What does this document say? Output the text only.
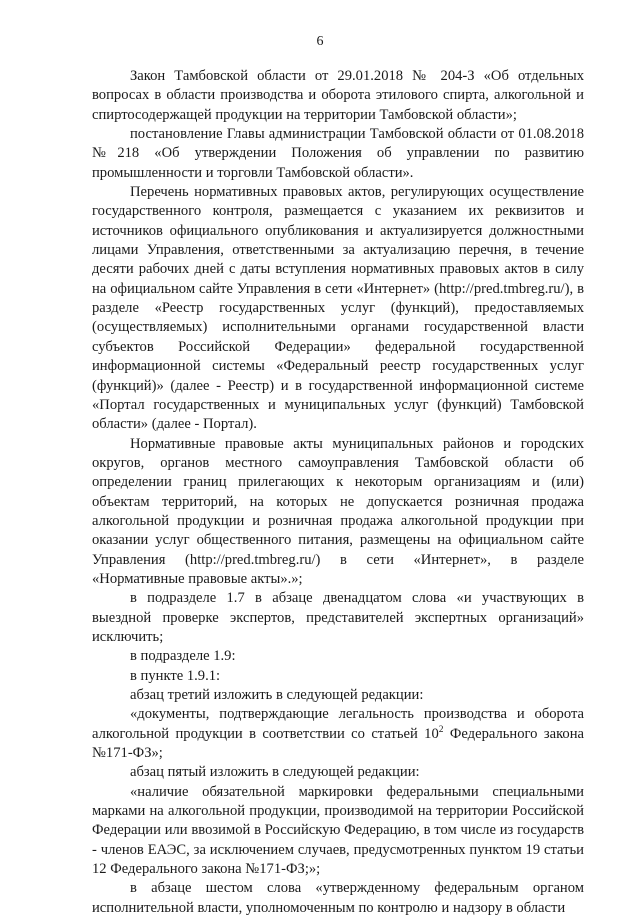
6

Закон Тамбовской области от 29.01.2018 № 204-З «Об отдельных вопросах в области производства и оборота этилового спирта, алкогольной и спиртосодержащей продукции на территории Тамбовской области»;

постановление Главы администрации Тамбовской области от 01.08.2018 №218 «Об утверждении Положения об управлении по развитию промышленности и торговли Тамбовской области».

Перечень нормативных правовых актов, регулирующих осуществление государственного контроля, размещается с указанием их реквизитов и источников официального опубликования и актуализируется должностными лицами Управления, ответственными за актуализацию перечня, в течение десяти рабочих дней с даты вступления нормативных правовых актов в силу на официальном сайте Управления в сети «Интернет» (http://pred.tmbreg.ru/), в разделе «Реестр государственных услуг (функций), предоставляемых (осуществляемых) исполнительными органами государственной власти субъектов Российской Федерации» федеральной государственной информационной системы «Федеральный реестр государственных услуг (функций)» (далее - Реестр) и в государственной информационной системе «Портал государственных и муниципальных услуг (функций) Тамбовской области» (далее - Портал).

Нормативные правовые акты муниципальных районов и городских округов, органов местного самоуправления Тамбовской области об определении границ прилегающих к некоторым организациям и (или) объектам территорий, на которых не допускается розничная продажа алкогольной продукции и розничная продажа алкогольной продукции при оказании услуг общественного питания, размещены на официальном сайте Управления (http://pred.tmbreg.ru/) в сети «Интернет», в разделе «Нормативные правовые акты».»;

в подразделе 1.7 в абзаце двенадцатом слова «и участвующих в выездной проверке экспертов, представителей экспертных организаций» исключить;

в подразделе 1.9:

в пункте 1.9.1:

абзац третий изложить в следующей редакции:

«документы, подтверждающие легальность производства и оборота алкогольной продукции в соответствии со статьей $10^2$ Федерального закона №171-ФЗ»;

абзац пятый изложить в следующей редакции:

«наличие обязательной маркировки федеральными специальными марками на алкогольной продукции, производимой на территории Российской Федерации или ввозимой в Российскую Федерацию, в том числе из государств - членов ЕАЭС, за исключением случаев, предусмотренных пунктом 19 статьи 12 Федерального закона №171-ФЗ;»;

в абзаце шестом слова «утвержденному федеральным органом исполнительной власти, уполномоченным по контролю и надзору в области
